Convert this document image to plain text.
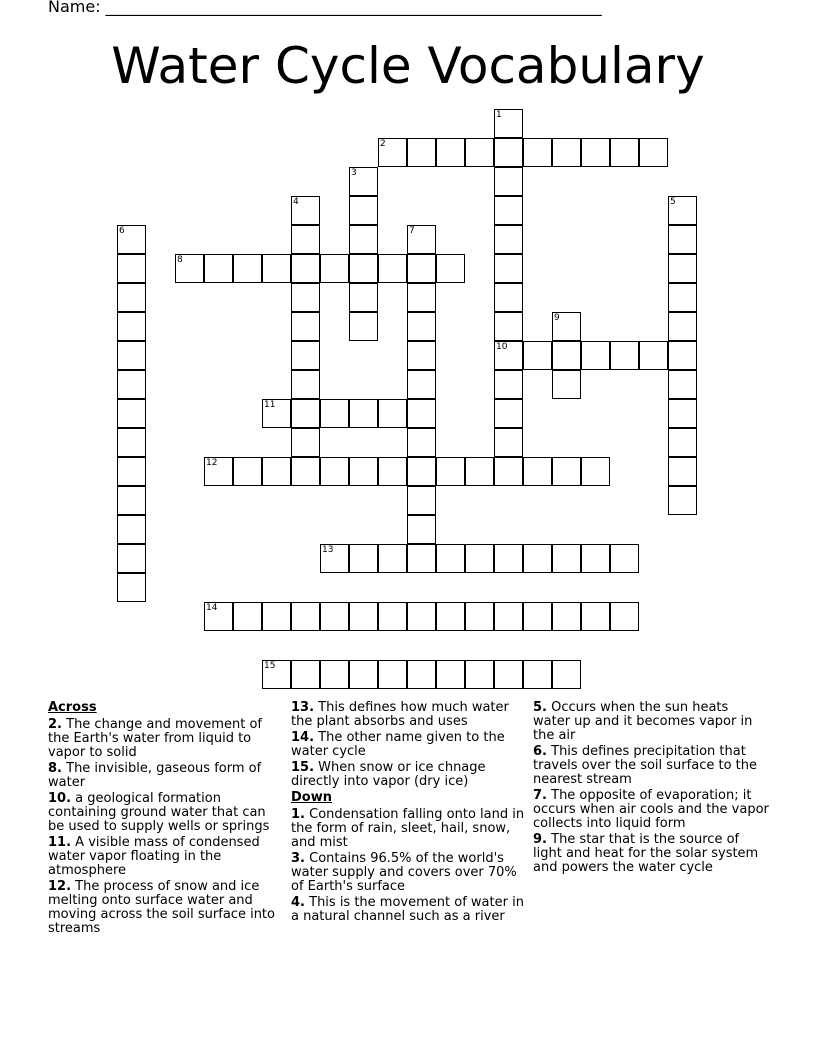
Name: ______________________________________________________________
Water Cycle Vocabulary
1
10
2
3
4	5
6	7
8
9
11
12
13
14
15
Across
2. The change and movement of the Earth's water from liquid to vapor to solid
8. The invisible, gaseous form of water
10. a geological formation containing ground water that can be used to supply wells or springs
11. A visible mass of condensed water vapor floating in the atmosphere
12. The process of snow and ice melting onto surface water and moving across the soil surface into streams
13. This defines how much water the plant absorbs and uses
14. The other name given to the water cycle
15. When snow or ice chnage directly into vapor (dry ice)
Down
1. Condensation falling onto land in the form of rain, sleet, hail, snow, and mist
3. Contains 96.5% of the world's water supply and covers over 70% of Earth's surface
4. This is the movement of water in a natural channel such as a river
5. Occurs when the sun heats water up and it becomes vapor in the air
6. This defines precipitation that travels over the soil surface to the nearest stream
7. The opposite of evaporation; it occurs when air cools and the vapor collects into liquid form
9. The star that is the source of light and heat for the solar system and powers the water cycle
